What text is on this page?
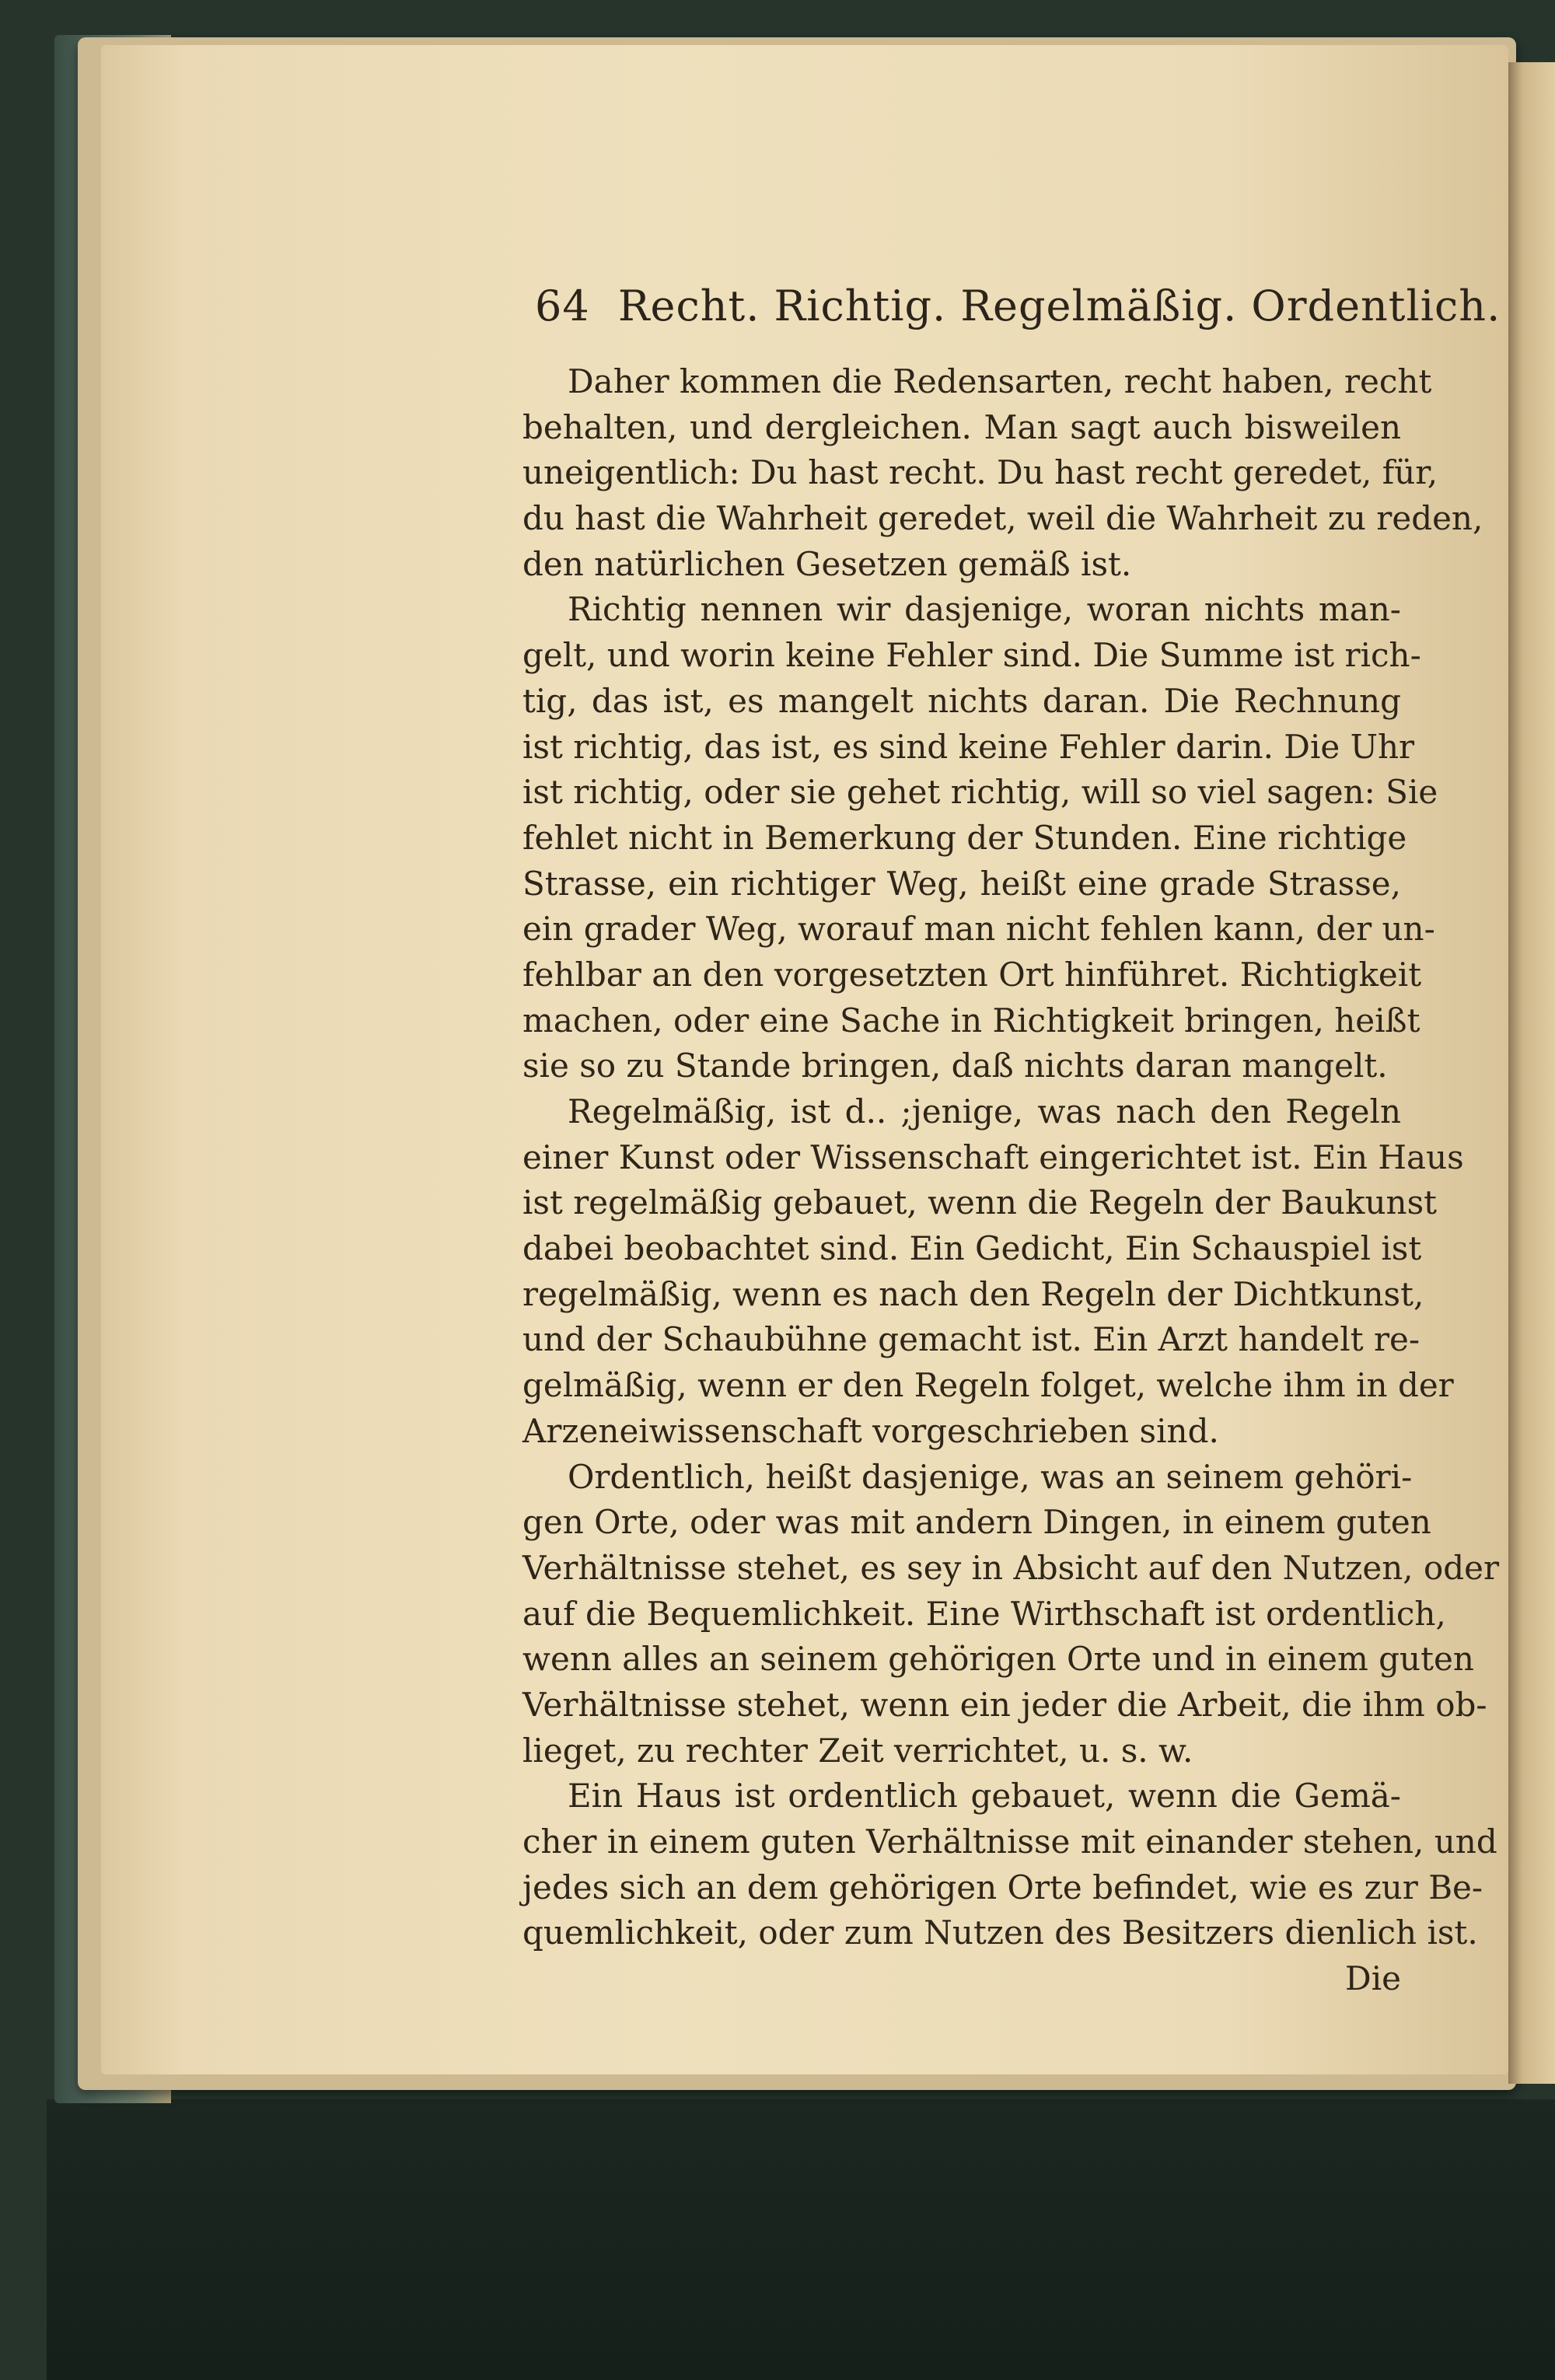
64 Recht. Richtig. Regelmäßig. Ordentlich.
Daher kommen die Redensarten, recht haben, recht
behalten, und dergleichen. Man sagt auch bisweilen
uneigentlich: Du hast recht. Du hast recht geredet, für,
du hast die Wahrheit geredet, weil die Wahrheit zu reden,
den natürlichen Gesetzen gemäß ist.
Richtig nennen wir dasjenige, woran nichts man-
gelt, und worin keine Fehler sind. Die Summe ist rich-
tig, das ist, es mangelt nichts daran. Die Rechnung
ist richtig, das ist, es sind keine Fehler darin. Die Uhr
ist richtig, oder sie gehet richtig, will so viel sagen: Sie
fehlet nicht in Bemerkung der Stunden. Eine richtige
Strasse, ein richtiger Weg, heißt eine grade Strasse,
ein grader Weg, worauf man nicht fehlen kann, der un-
fehlbar an den vorgesetzten Ort hinführet. Richtigkeit
machen, oder eine Sache in Richtigkeit bringen, heißt
sie so zu Stande bringen, daß nichts daran mangelt.
Regelmäßig, ist d.. ;jenige, was nach den Regeln
einer Kunst oder Wissenschaft eingerichtet ist. Ein Haus
ist regelmäßig gebauet, wenn die Regeln der Baukunst
dabei beobachtet sind. Ein Gedicht, Ein Schauspiel ist
regelmäßig, wenn es nach den Regeln der Dichtkunst,
und der Schaubühne gemacht ist. Ein Arzt handelt re-
gelmäßig, wenn er den Regeln folget, welche ihm in der
Arzeneiwissenschaft vorgeschrieben sind.
Ordentlich, heißt dasjenige, was an seinem gehöri-
gen Orte, oder was mit andern Dingen, in einem guten
Verhältnisse stehet, es sey in Absicht auf den Nutzen, oder
auf die Bequemlichkeit. Eine Wirthschaft ist ordentlich,
wenn alles an seinem gehörigen Orte und in einem guten
Verhältnisse stehet, wenn ein jeder die Arbeit, die ihm ob-
lieget, zu rechter Zeit verrichtet, u. s. w.
Ein Haus ist ordentlich gebauet, wenn die Gemä-
cher in einem guten Verhältnisse mit einander stehen, und
jedes sich an dem gehörigen Orte befindet, wie es zur Be-
quemlichkeit, oder zum Nutzen des Besitzers dienlich ist.
Die
